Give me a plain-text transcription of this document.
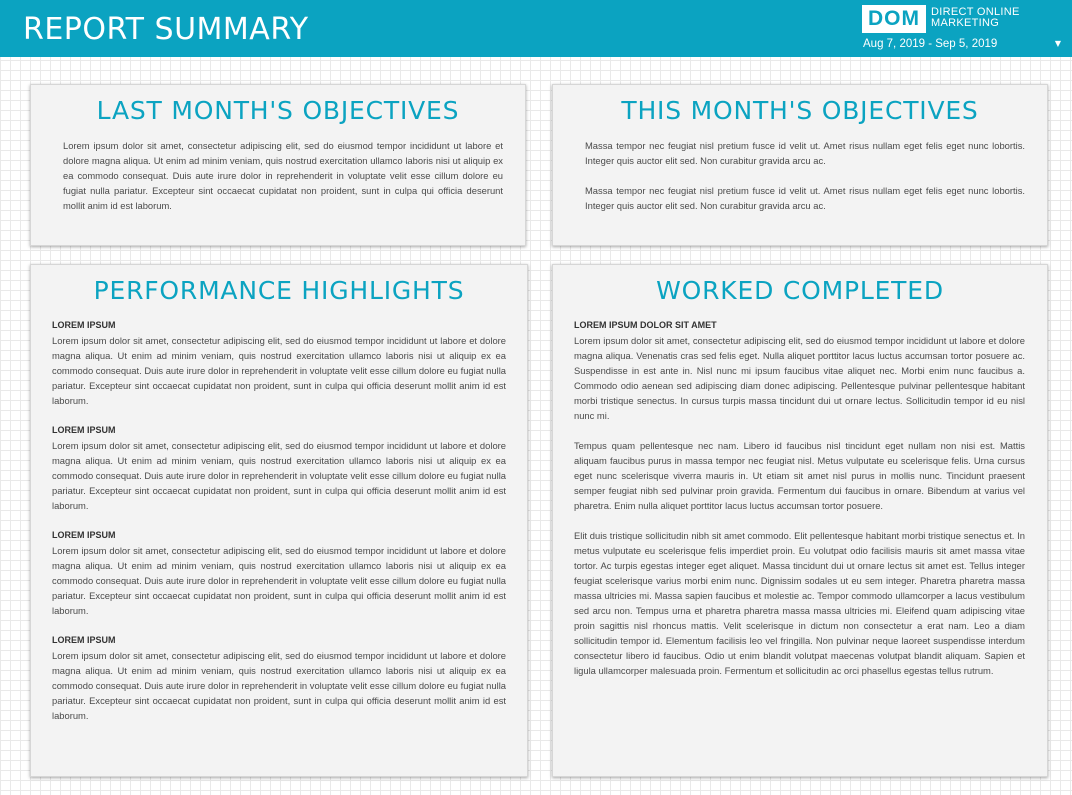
REPORT SUMMARY	DOM	DIRECT ONLINE
MARKETING
Aug 7, 2019 - Sep 5, 2019	▼
LAST MONTH'S OBJECTIVES

Lorem ipsum dolor sit amet, consectetur adipiscing elit, sed do eiusmod tempor incididunt ut labore et dolore magna aliqua. Ut enim ad minim veniam, quis nostrud exercitation ullamco laboris nisi ut aliquip ex ea commodo consequat. Duis aute irure dolor in reprehenderit in voluptate velit esse cillum dolore eu fugiat nulla pariatur. Excepteur sint occaecat cupidatat non proident, sunt in culpa qui officia deserunt mollit anim id est laborum.

THIS MONTH'S OBJECTIVES

Massa tempor nec feugiat nisl pretium fusce id velit ut. Amet risus nullam eget felis eget nunc lobortis. Integer quis auctor elit sed. Non curabitur gravida arcu ac.

Massa tempor nec feugiat nisl pretium fusce id velit ut. Amet risus nullam eget felis eget nunc lobortis. Integer quis auctor elit sed. Non curabitur gravida arcu ac.

PERFORMANCE HIGHLIGHTS
LOREM IPSUM

Lorem ipsum dolor sit amet, consectetur adipiscing elit, sed do eiusmod tempor incididunt ut labore et dolore magna aliqua. Ut enim ad minim veniam, quis nostrud exercitation ullamco laboris nisi ut aliquip ex ea commodo consequat. Duis aute irure dolor in reprehenderit in voluptate velit esse cillum dolore eu fugiat nulla pariatur. Excepteur sint occaecat cupidatat non proident, sunt in culpa qui officia deserunt mollit anim id est laborum.

LOREM IPSUM

Lorem ipsum dolor sit amet, consectetur adipiscing elit, sed do eiusmod tempor incididunt ut labore et dolore magna aliqua. Ut enim ad minim veniam, quis nostrud exercitation ullamco laboris nisi ut aliquip ex ea commodo consequat. Duis aute irure dolor in reprehenderit in voluptate velit esse cillum dolore eu fugiat nulla pariatur. Excepteur sint occaecat cupidatat non proident, sunt in culpa qui officia deserunt mollit anim id est laborum.

LOREM IPSUM

Lorem ipsum dolor sit amet, consectetur adipiscing elit, sed do eiusmod tempor incididunt ut labore et dolore magna aliqua. Ut enim ad minim veniam, quis nostrud exercitation ullamco laboris nisi ut aliquip ex ea commodo consequat. Duis aute irure dolor in reprehenderit in voluptate velit esse cillum dolore eu fugiat nulla pariatur. Excepteur sint occaecat cupidatat non proident, sunt in culpa qui officia deserunt mollit anim id est laborum.

LOREM IPSUM

Lorem ipsum dolor sit amet, consectetur adipiscing elit, sed do eiusmod tempor incididunt ut labore et dolore magna aliqua. Ut enim ad minim veniam, quis nostrud exercitation ullamco laboris nisi ut aliquip ex ea commodo consequat. Duis aute irure dolor in reprehenderit in voluptate velit esse cillum dolore eu fugiat nulla pariatur. Excepteur sint occaecat cupidatat non proident, sunt in culpa qui officia deserunt mollit anim id est laborum.

WORKED COMPLETED
LOREM IPSUM DOLOR SIT AMET

Lorem ipsum dolor sit amet, consectetur adipiscing elit, sed do eiusmod tempor incididunt ut labore et dolore magna aliqua. Venenatis cras sed felis eget. Nulla aliquet porttitor lacus luctus accumsan tortor posuere ac. Suspendisse in est ante in. Nisl nunc mi ipsum faucibus vitae aliquet nec. Morbi enim nunc faucibus a. Commodo odio aenean sed adipiscing diam donec adipiscing. Pellentesque pulvinar pellentesque habitant morbi tristique senectus. In cursus turpis massa tincidunt dui ut ornare lectus. Sollicitudin tempor id eu nisl nunc mi.

Tempus quam pellentesque nec nam. Libero id faucibus nisl tincidunt eget nullam non nisi est. Mattis aliquam faucibus purus in massa tempor nec feugiat nisl. Metus vulputate eu scelerisque felis. Urna cursus eget nunc scelerisque viverra mauris in. Ut etiam sit amet nisl purus in mollis nunc. Tincidunt praesent semper feugiat nibh sed pulvinar proin gravida. Fermentum dui faucibus in ornare. Bibendum at varius vel pharetra. Enim nulla aliquet porttitor lacus luctus accumsan tortor posuere.

Elit duis tristique sollicitudin nibh sit amet commodo. Elit pellentesque habitant morbi tristique senectus et. In metus vulputate eu scelerisque felis imperdiet proin. Eu volutpat odio facilisis mauris sit amet massa vitae tortor. Ac turpis egestas integer eget aliquet. Massa tincidunt dui ut ornare lectus sit amet est. Tellus integer feugiat scelerisque varius morbi enim nunc. Dignissim sodales ut eu sem integer. Pharetra pharetra massa massa ultricies mi. Massa sapien faucibus et molestie ac. Tempor commodo ullamcorper a lacus vestibulum sed arcu non. Tempus urna et pharetra pharetra massa massa ultricies mi. Eleifend quam adipiscing vitae proin sagittis nisl rhoncus mattis. Velit scelerisque in dictum non consectetur a erat nam. Leo a diam sollicitudin tempor id. Elementum facilisis leo vel fringilla. Non pulvinar neque laoreet suspendisse interdum consectetur libero id faucibus. Odio ut enim blandit volutpat maecenas volutpat blandit aliquam. Sapien et ligula ullamcorper malesuada proin. Fermentum et sollicitudin ac orci phasellus egestas tellus rutrum.
